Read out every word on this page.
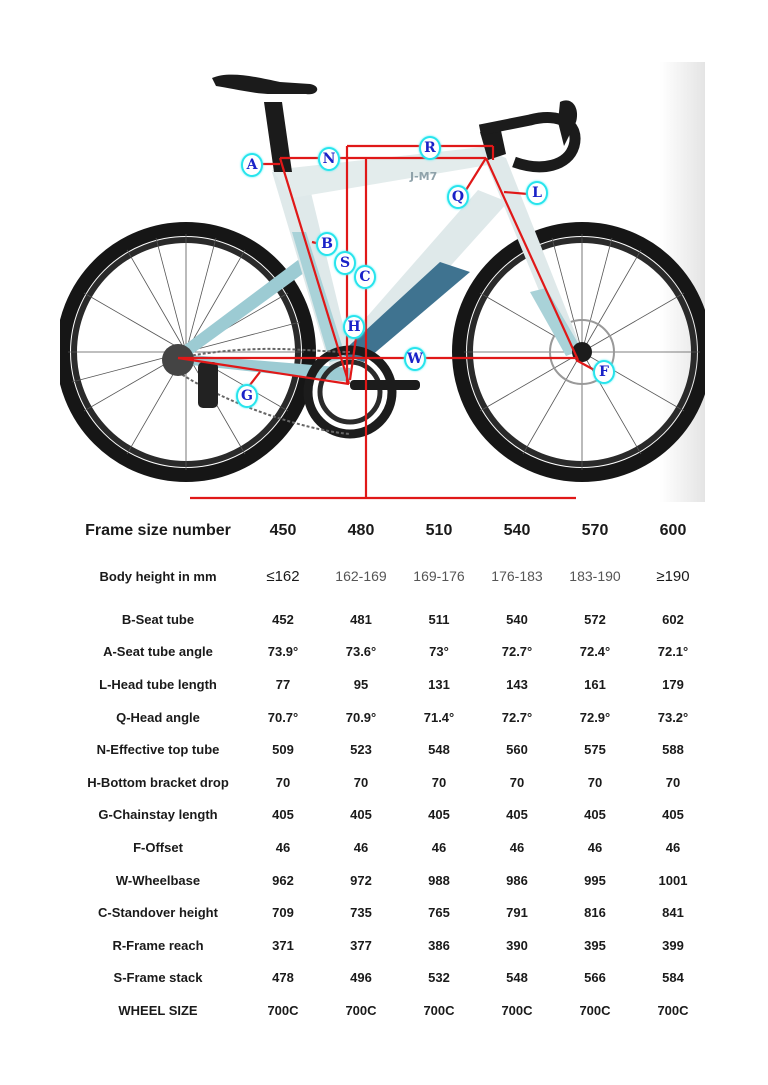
J-M7
A	N
R
Q	L
B
S
C
H
W
F
G
Frame size number	450	480	510	540	570	600
Body height in mm	≤162	162-169	169-176	176-183	183-190	≥190
B-Seat tube	452	481	511	540	572	602
A-Seat tube angle	73.9°	73.6°	73°	72.7°	72.4°	72.1°
L-Head tube length	77	95	131	143	161	179
Q-Head angle	70.7°	70.9°	71.4°	72.7°	72.9°	73.2°
N-Effective top tube	509	523	548	560	575	588
H-Bottom bracket drop	70	70	70	70	70	70
G-Chainstay length	405	405	405	405	405	405
F-Offset	46	46	46	46	46	46
W-Wheelbase	962	972	988	986	995	1001
C-Standover height	709	735	765	791	816	841
R-Frame reach	371	377	386	390	395	399
S-Frame stack	478	496	532	548	566	584
WHEEL SIZE	700C	700C	700C	700C	700C	700C
